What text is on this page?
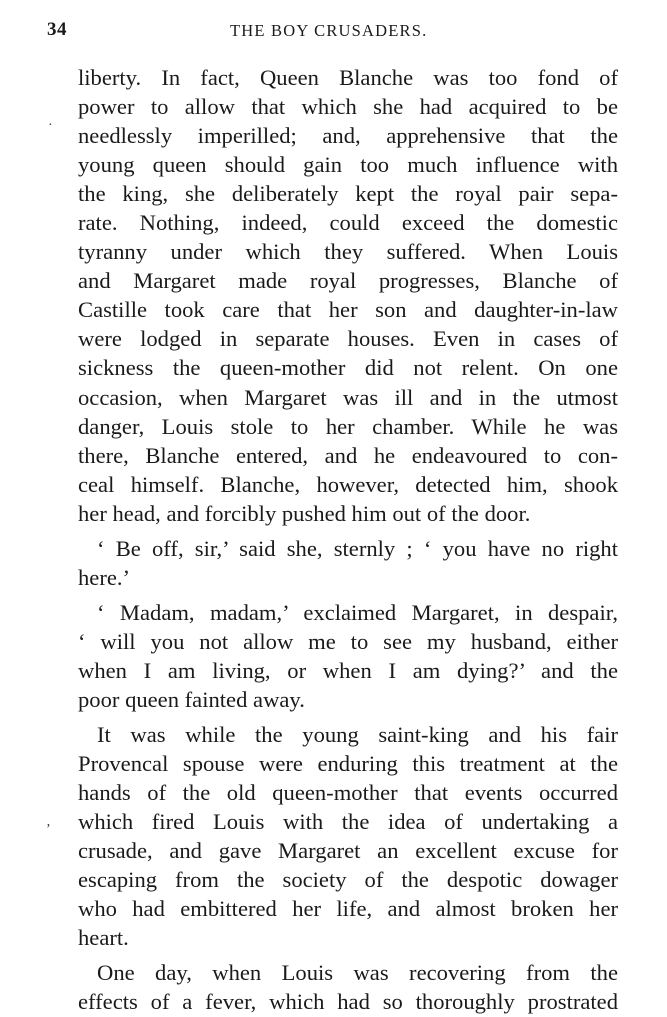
34	THE BOY CRUSADERS.
·
ʼ
liberty. In fact, Queen Blanche was too fond of
power to allow that which she had acquired to be
needlessly imperilled; and, apprehensive that the
young queen should gain too much influence with
the king, she deliberately kept the royal pair sepa-
rate. Nothing, indeed, could exceed the domestic
tyranny under which they suffered. When Louis
and Margaret made royal progresses, Blanche of
Castille took care that her son and daughter-in-law
were lodged in separate houses. Even in cases of
sickness the queen-mother did not relent. On one
occasion, when Margaret was ill and in the utmost
danger, Louis stole to her chamber. While he was
there, Blanche entered, and he endeavoured to con-
ceal himself. Blanche, however, detected him, shook
her head, and forcibly pushed him out of the door.
‘ Be off, sir,’ said she, sternly ; ‘ you have no right
here.’
‘ Madam, madam,’ exclaimed Margaret, in despair,
‘ will you not allow me to see my husband, either
when I am living, or when I am dying?’ and the
poor queen fainted away.
It was while the young saint-king and his fair
Provencal spouse were enduring this treatment at the
hands of the old queen-mother that events occurred
which fired Louis with the idea of undertaking a
crusade, and gave Margaret an excellent excuse for
escaping from the society of the despotic dowager
who had embittered her life, and almost broken her
heart.
One day, when Louis was recovering from the
effects of a fever, which had so thoroughly prostrated
